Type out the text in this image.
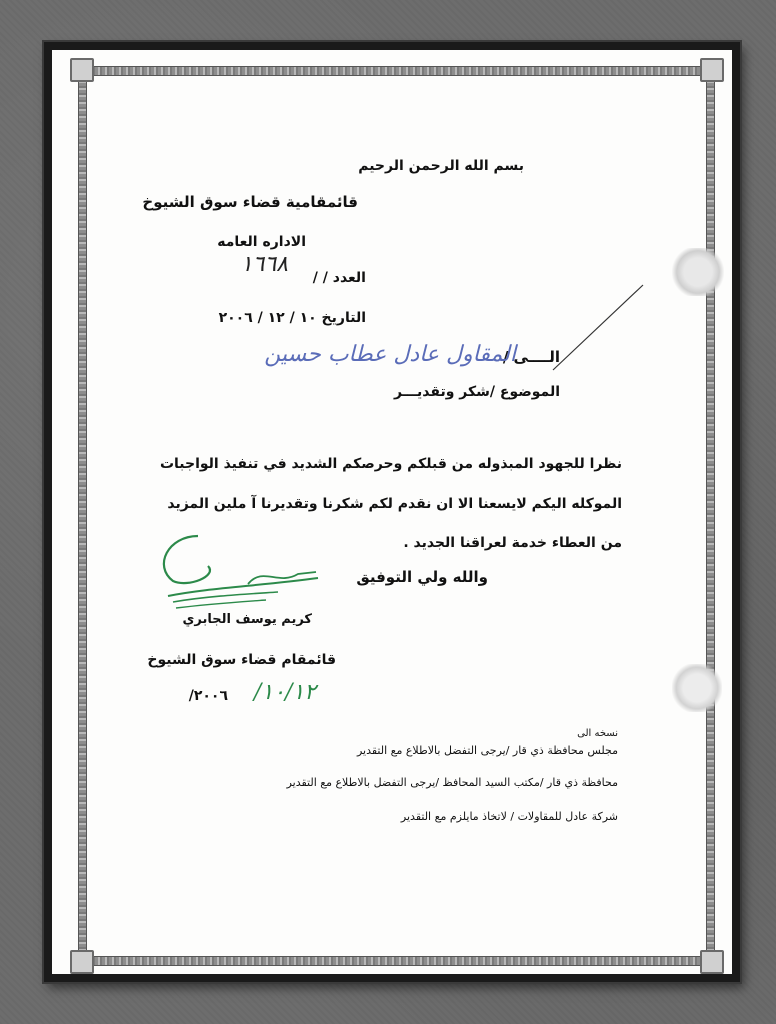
بسم الله الرحمن الرحيم
قائمقامية قضاء سوق الشيوخ
الاداره العامه
العدد / /
١٦٦٨
التاريخ ١٠ / ١٢ / ٢٠٠٦
الــــى /
المقاول عادل عطاب حسين
الموضوع /شكر وتقديـــر
نظرا للجهود المبذوله من قبلكم وحرصكم الشديد في تنفيذ الواجبات
الموكله اليكم لايسعنا الا ان نقدم لكم شكرنا وتقديرنا آ ملين المزيد
من العطاء خدمة لعراقنا الجديد .
والله ولي التوفيق
كريم يوسف الجابري
قائمقام قضاء سوق الشيوخ
٢٠٠٦/ ١٠/١٢/
نسخه الى
مجلس محافظة ذي قار /يرجى التفضل بالاطلاع مع التقدير
محافظة ذي قار /مكتب السيد المحافظ /يرجى التفضل بالاطلاع مع التقدير
شركة عادل للمقاولات / لاتخاذ مايلزم مع التقدير
